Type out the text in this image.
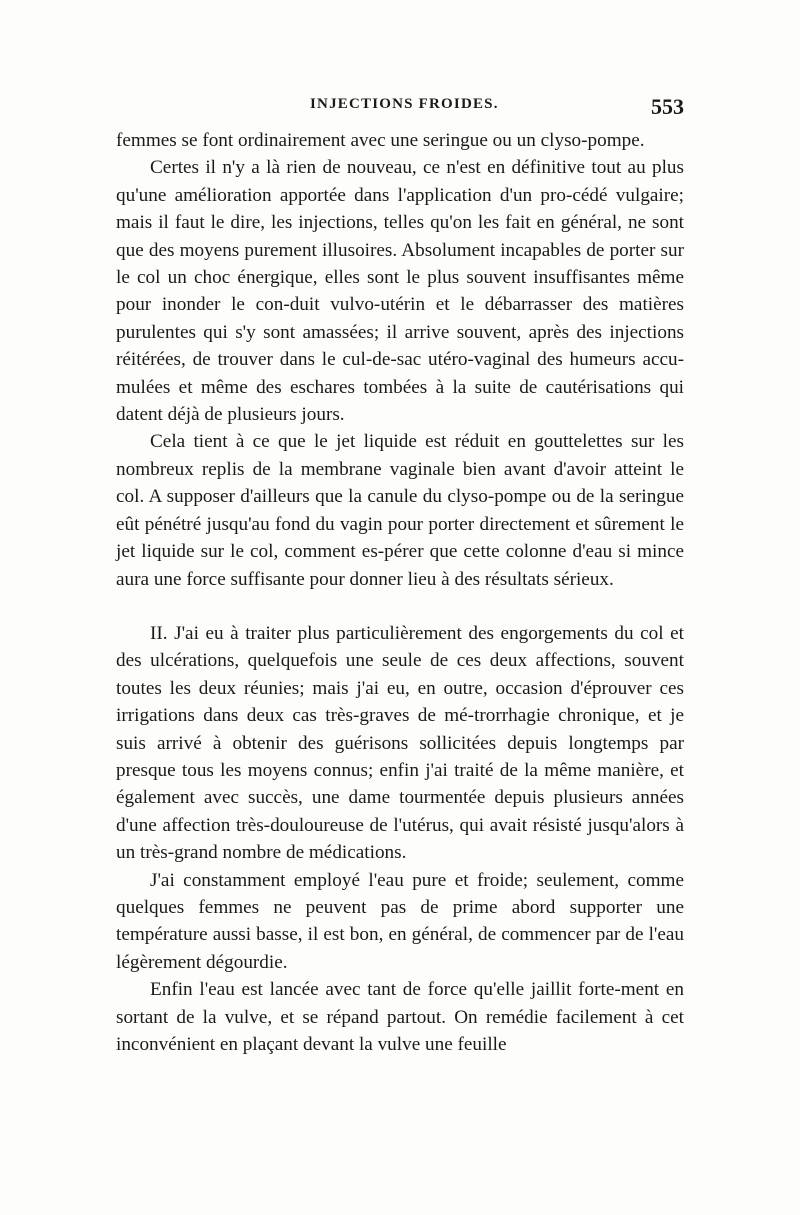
INJECTIONS FROIDES.	553

femmes se font ordinairement avec une seringue ou un clyso-pompe.

Certes il n'y a là rien de nouveau, ce n'est en définitive tout au plus qu'une amélioration apportée dans l'application d'un pro-cédé vulgaire; mais il faut le dire, les injections, telles qu'on les fait en général, ne sont que des moyens purement illusoires. Absolument incapables de porter sur le col un choc énergique, elles sont le plus souvent insuffisantes même pour inonder le con-duit vulvo-utérin et le débarrasser des matières purulentes qui s'y sont amassées; il arrive souvent, après des injections réitérées, de trouver dans le cul-de-sac utéro-vaginal des humeurs accu-mulées et même des eschares tombées à la suite de cautérisations qui datent déjà de plusieurs jours.

Cela tient à ce que le jet liquide est réduit en gouttelettes sur les nombreux replis de la membrane vaginale bien avant d'avoir atteint le col. A supposer d'ailleurs que la canule du clyso-pompe ou de la seringue eût pénétré jusqu'au fond du vagin pour porter directement et sûrement le jet liquide sur le col, comment es-pérer que cette colonne d'eau si mince aura une force suffisante pour donner lieu à des résultats sérieux.

II. J'ai eu à traiter plus particulièrement des engorgements du col et des ulcérations, quelquefois une seule de ces deux affections, souvent toutes les deux réunies; mais j'ai eu, en outre, occasion d'éprouver ces irrigations dans deux cas très-graves de mé-trorrhagie chronique, et je suis arrivé à obtenir des guérisons sollicitées depuis longtemps par presque tous les moyens connus; enfin j'ai traité de la même manière, et également avec succès, une dame tourmentée depuis plusieurs années d'une affection très-douloureuse de l'utérus, qui avait résisté jusqu'alors à un très-grand nombre de médications.

J'ai constamment employé l'eau pure et froide; seulement, comme quelques femmes ne peuvent pas de prime abord supporter une température aussi basse, il est bon, en général, de commencer par de l'eau légèrement dégourdie.

Enfin l'eau est lancée avec tant de force qu'elle jaillit forte-ment en sortant de la vulve, et se répand partout. On remédie facilement à cet inconvénient en plaçant devant la vulve une feuille
